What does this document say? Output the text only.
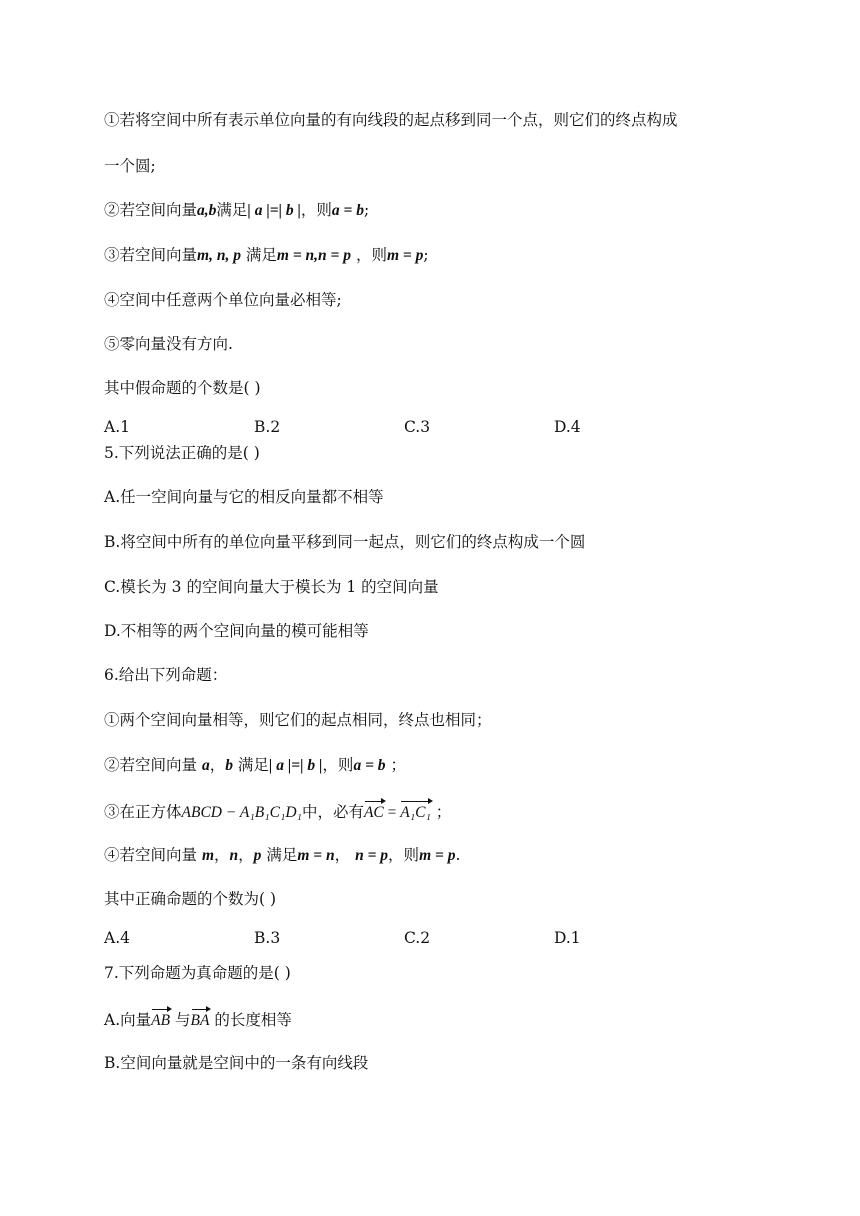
①若将空间中所有表示单位向量的有向线段的起点移到同一个点，则它们的终点构成
一个圆;
②若空间向量a,b满足| a |=| b |，则a = b;
③若空间向量m, n, p 满足m = n,n = p ，则m = p;
④空间中任意两个单位向量必相等;
⑤零向量没有方向.
其中假命题的个数是( )
A.1	B.2	C.3	D.4
5.下列说法正确的是( )
A.任一空间向量与它的相反向量都不相等
B.将空间中所有的单位向量平移到同一起点，则它们的终点构成一个圆
C.模长为 3 的空间向量大于模长为 1 的空间向量
D.不相等的两个空间向量的模可能相等
6.给出下列命题：
①两个空间向量相等，则它们的起点相同，终点也相同；
②若空间向量 a，b 满足| a |=| b |，则a = b ；
③在正方体ABCD − A₁B₁C₁D₁中，必有AC = A₁C₁ ；
④若空间向量 m，n，p 满足m = n， n = p，则m = p.
其中正确命题的个数为( )
A.4	B.3	C.2	D.1
7.下列命题为真命题的是( )
A.向量AB 与BA 的长度相等
B.空间向量就是空间中的一条有向线段
